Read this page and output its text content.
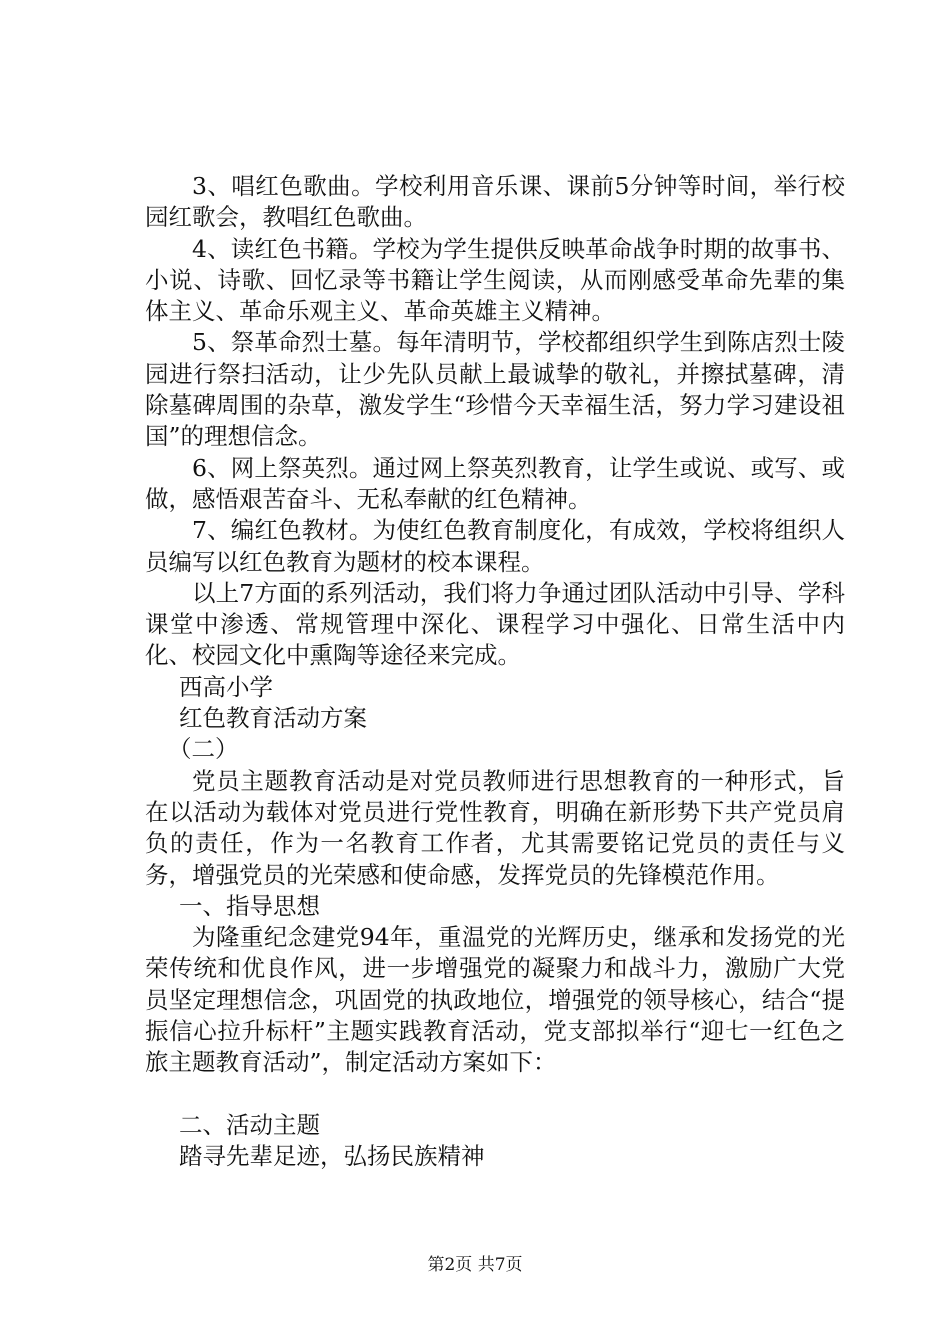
3、唱红色歌曲。学校利用音乐课、课前5分钟等时间，举行校园红歌会，教唱红色歌曲。

4、读红色书籍。学校为学生提供反映革命战争时期的故事书、小说、诗歌、回忆录等书籍让学生阅读，从而刚感受革命先辈的集体主义、革命乐观主义、革命英雄主义精神。

5、祭革命烈士墓。每年清明节，学校都组织学生到陈店烈士陵园进行祭扫活动，让少先队员献上最诚挚的敬礼，并擦拭墓碑，清除墓碑周围的杂草，激发学生“珍惜今天幸福生活，努力学习建设祖国”的理想信念。

6、网上祭英烈。通过网上祭英烈教育，让学生或说、或写、或做，感悟艰苦奋斗、无私奉献的红色精神。

7、编红色教材。为使红色教育制度化，有成效，学校将组织人员编写以红色教育为题材的校本课程。

以上7方面的系列活动，我们将力争通过团队活动中引导、学科课堂中渗透、常规管理中深化、课程学习中强化、日常生活中内化、校园文化中熏陶等途径来完成。

西高小学

红色教育活动方案

（二）

党员主题教育活动是对党员教师进行思想教育的一种形式，旨在以活动为载体对党员进行党性教育，明确在新形势下共产党员肩负的责任，作为一名教育工作者，尤其需要铭记党员的责任与义务，增强党员的光荣感和使命感，发挥党员的先锋模范作用。

一、指导思想

为隆重纪念建党94年，重温党的光辉历史，继承和发扬党的光荣传统和优良作风，进一步增强党的凝聚力和战斗力，激励广大党员坚定理想信念，巩固党的执政地位，增强党的领导核心，结合“提振信心拉升标杆”主题实践教育活动，党支部拟举行“迎七一红色之旅主题教育活动”，制定活动方案如下：

二、活动主题

踏寻先辈足迹，弘扬民族精神

第2页 共7页
